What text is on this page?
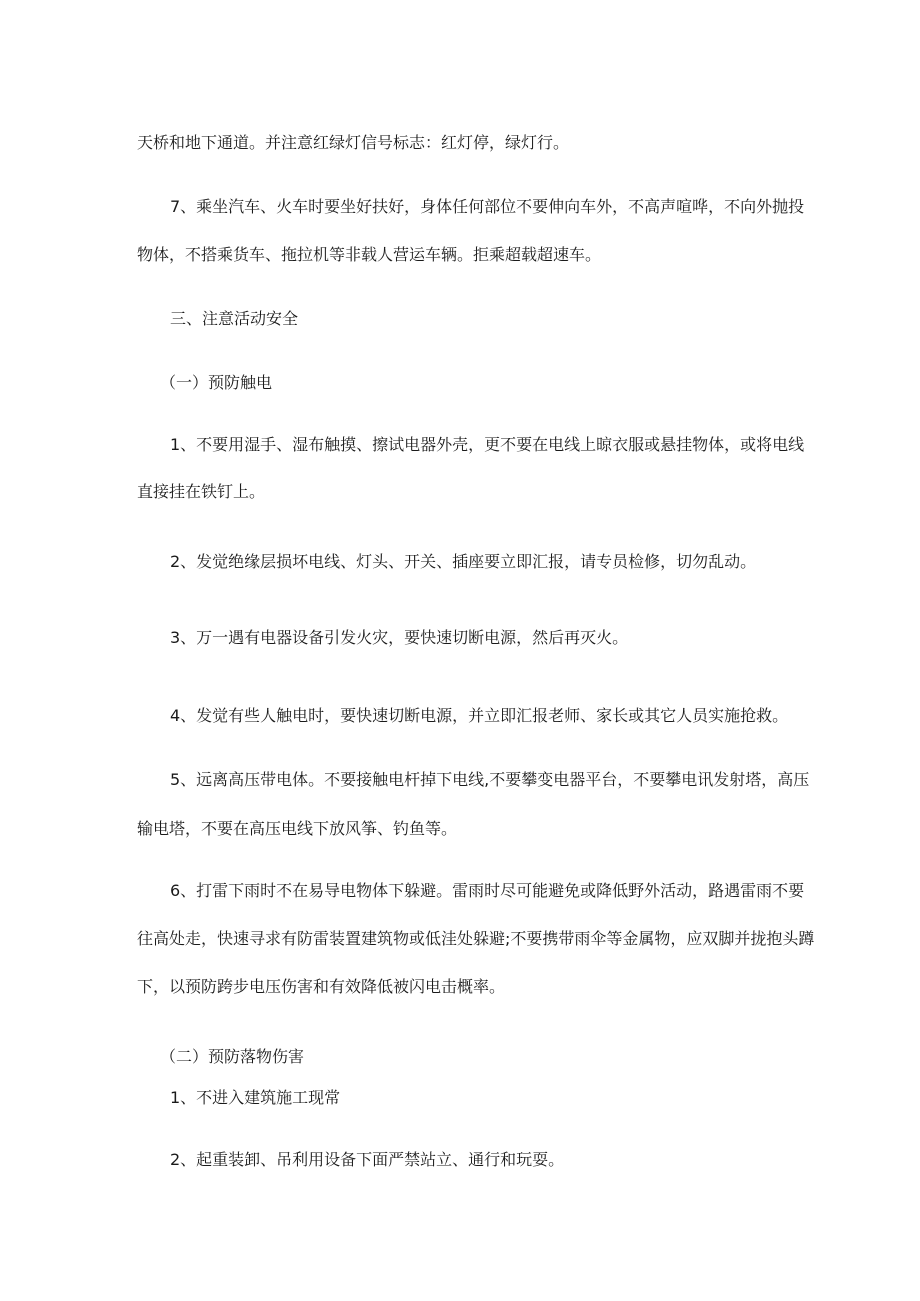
天桥和地下通道。并注意红绿灯信号标志：红灯停，绿灯行。
7、乘坐汽车、火车时要坐好扶好，身体任何部位不要伸向车外，不高声喧哗，不向外抛投
物体，不搭乘货车、拖拉机等非载人营运车辆。拒乘超载超速车。
三、注意活动安全
（一）预防触电
1、不要用湿手、湿布触摸、擦试电器外壳，更不要在电线上晾衣服或悬挂物体，或将电线
直接挂在铁钉上。
2、发觉绝缘层损坏电线、灯头、开关、插座要立即汇报，请专员检修，切勿乱动。
3、万一遇有电器设备引发火灾，要快速切断电源，然后再灭火。
4、发觉有些人触电时，要快速切断电源，并立即汇报老师、家长或其它人员实施抢救。
5、远离高压带电体。不要接触电杆掉下电线,不要攀变电器平台，不要攀电讯发射塔，高压
输电塔，不要在高压电线下放风筝、钓鱼等。
6、打雷下雨时不在易导电物体下躲避。雷雨时尽可能避免或降低野外活动，路遇雷雨不要
往高处走，快速寻求有防雷装置建筑物或低洼处躲避;不要携带雨伞等金属物，应双脚并拢抱头蹲
下，以预防跨步电压伤害和有效降低被闪电击概率。
（二）预防落物伤害
1、不进入建筑施工现常
2、起重装卸、吊利用设备下面严禁站立、通行和玩耍。
